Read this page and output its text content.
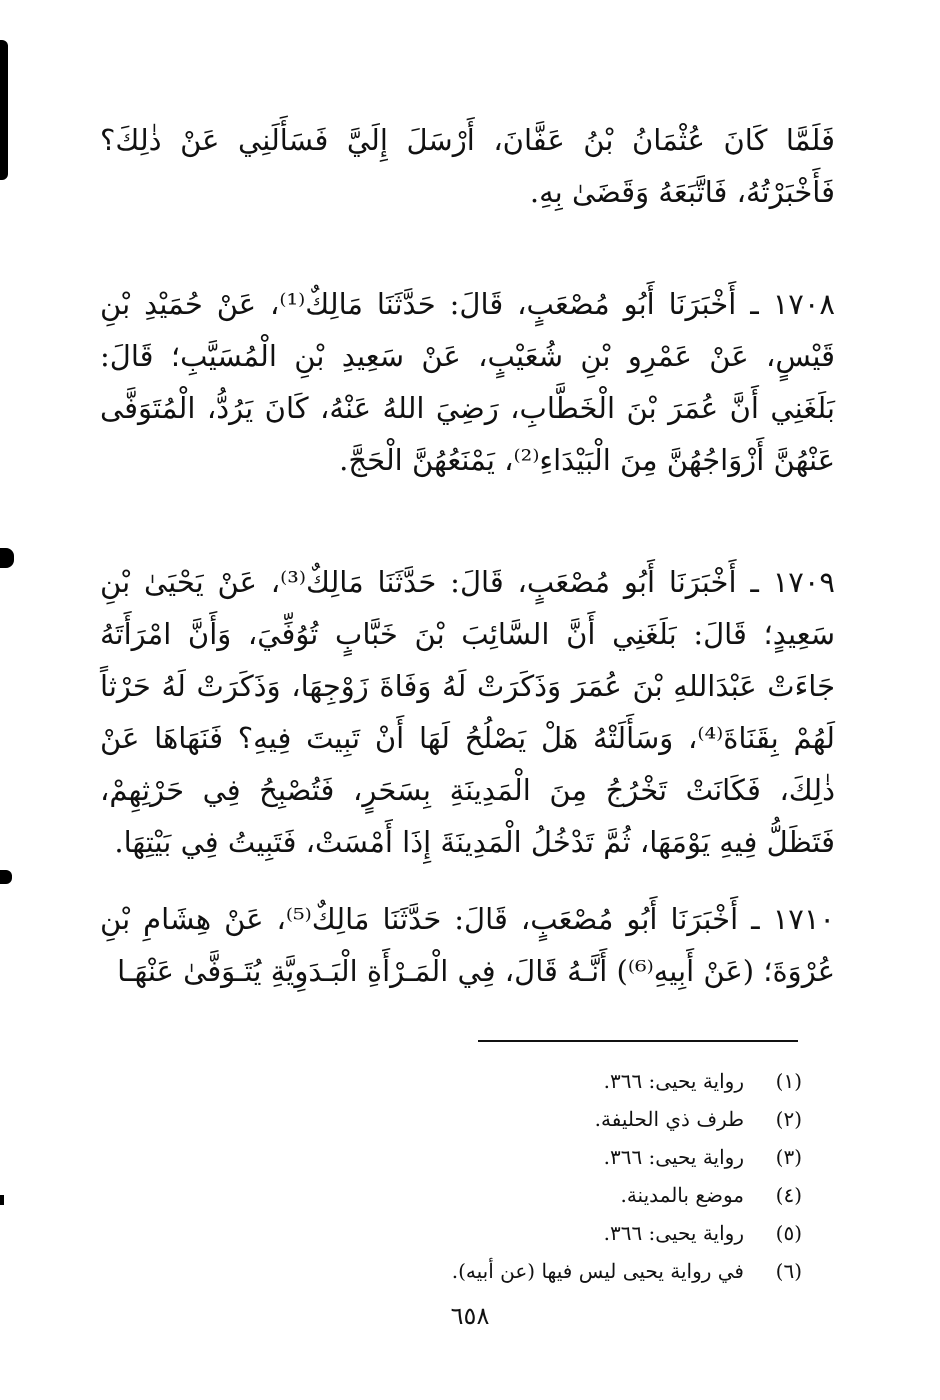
فَلَمَّا كَانَ عُثْمَانُ بْنُ عَفَّانَ، أَرْسَلَ إِلَيَّ فَسَأَلَنِي عَنْ ذٰلِكَ؟ فَأَخْبَرْتُهُ، فَاتَّبَعَهُ وَقَضَىٰ بِهِ.

١٧٠٨ ـ أَخْبَرَنَا أَبُو مُصْعَبٍ، قَالَ: حَدَّثَنَا مَالِكٌ⁽¹⁾، عَنْ حُمَيْدِ بْنِ قَيْسٍ، عَنْ عَمْرِو بْنِ شُعَيْبٍ، عَنْ سَعِيدِ بْنِ الْمُسَيَّبِ؛ قَالَ: بَلَغَنِي أَنَّ عُمَرَ بْنَ الْخَطَّابِ، رَضِيَ اللهُ عَنْهُ، كَانَ يَرُدُّ، الْمُتَوَفَّى عَنْهُنَّ أَزْوَاجُهُنَّ مِنَ الْبَيْدَاءِ⁽²⁾، يَمْنَعُهُنَّ الْحَجَّ.

١٧٠٩ ـ أَخْبَرَنَا أَبُو مُصْعَبٍ، قَالَ: حَدَّثَنَا مَالِكٌ⁽³⁾، عَنْ يَحْيَىٰ بْنِ سَعِيدٍ؛ قَالَ: بَلَغَنِي أَنَّ السَّائِبَ بْنَ خَبَّابٍ تُوُفِّيَ، وَأَنَّ امْرَأَتَهُ جَاءَتْ عَبْدَاللهِ بْنَ عُمَرَ وَذَكَرَتْ لَهُ وَفَاةَ زَوْجِهَا، وَذَكَرَتْ لَهُ حَرْثاً لَهُمْ بِقَنَاةَ⁽⁴⁾، وَسَأَلَتْهُ هَلْ يَصْلُحُ لَهَا أَنْ تَبِيتَ فِيهِ؟ فَنَهَاهَا عَنْ ذٰلِكَ، فَكَانَتْ تَخْرُجُ مِنَ الْمَدِينَةِ بِسَحَرٍ، فَتُصْبِحُ فِي حَرْثِهِمْ، فَتَظَلُّ فِيهِ يَوْمَهَا، ثُمَّ تَدْخُلُ الْمَدِينَةَ إِذَا أَمْسَتْ، فَتَبِيتُ فِي بَيْتِهَا.

١٧١٠ ـ أَخْبَرَنَا أَبُو مُصْعَبٍ، قَالَ: حَدَّثَنَا مَالِكٌ⁽⁵⁾، عَنْ هِشَامِ بْنِ عُرْوَةَ؛ (عَنْ أَبِيهِ⁽⁶⁾) أَنَّـهُ قَالَ، فِي الْمَـرْأَةِ الْبَـدَوِيَّةِ يُتَـوَفَّىٰ عَنْهَـا

(١)
رواية يحيى: ٣٦٦.
(٢)
طرف ذي الحليفة.
(٣)
رواية يحيى: ٣٦٦.
(٤)
موضع بالمدينة.
(٥)
رواية يحيى: ٣٦٦.
(٦)
في رواية يحيى ليس فيها (عن أبيه).
٦٥٨
